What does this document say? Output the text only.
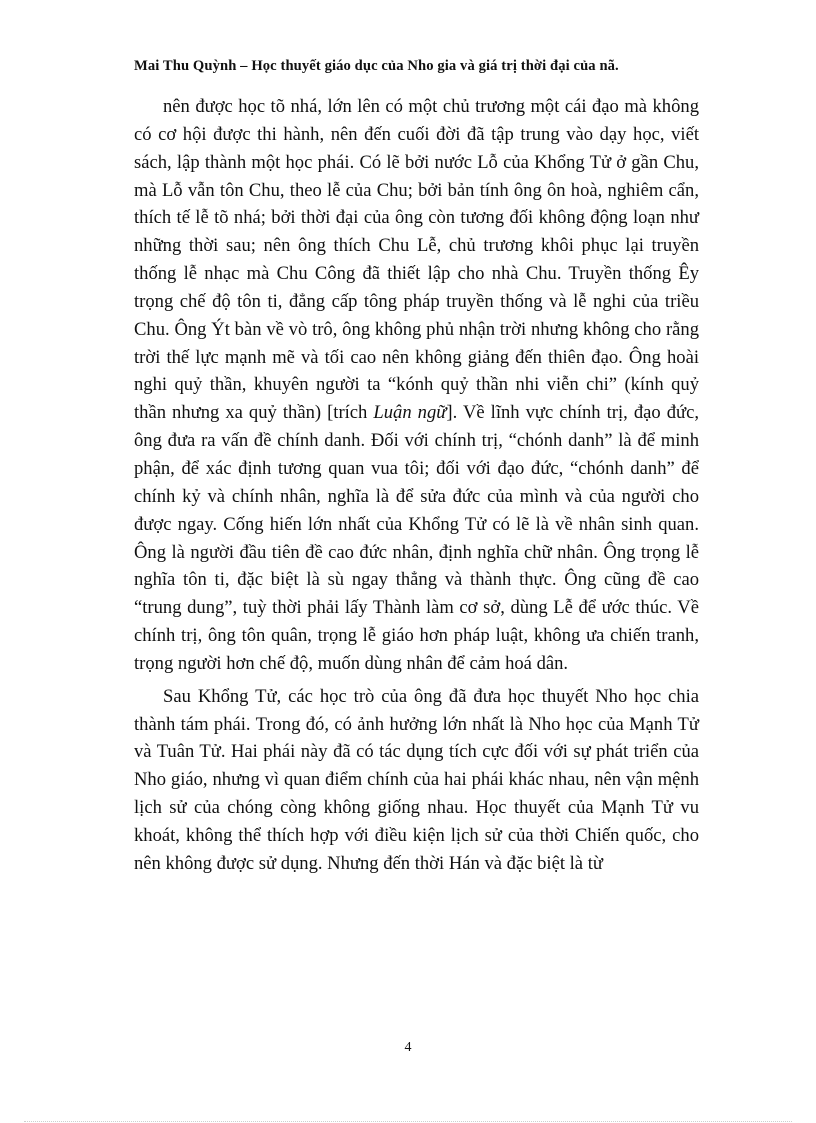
Mai Thu Quỳnh – Học thuyết giáo dục của Nho gia và giá trị thời đại của nã.

nên được học tõ nhá, lớn lên có một chủ trương một cái đạo mà không có cơ hội được thi hành, nên đến cuối đời đã tập trung vào dạy học, viết sách, lập thành một học phái. Có lẽ bởi nước Lỗ của Khổng Tử ở gần Chu, mà Lỗ vẫn tôn Chu, theo lễ của Chu; bởi bản tính ông ôn hoà, nghiêm cẩn, thích tế lễ tõ nhá; bởi thời đại của ông còn tương đối không động loạn như những thời sau; nên ông thích Chu Lễ, chủ trương khôi phục lại truyền thống lễ nhạc mà Chu Công đã thiết lập cho nhà Chu. Truyền thống Êy trọng chế độ tôn ti, đẳng cấp tông pháp truyền thống và lễ nghi của triều Chu. Ông Ýt bàn về vò trô, ông không phủ nhận trời nhưng không cho rằng trời thế lực mạnh mẽ và tối cao nên không giảng đến thiên đạo. Ông hoài nghi quỷ thần, khuyên người ta “kónh quỷ thần nhi viễn chi” (kính quỷ thần nhưng xa quỷ thần) [trích Luận ngữ]. Về lĩnh vực chính trị, đạo đức, ông đưa ra vấn đề chính danh. Đối với chính trị, “chónh danh” là để minh phận, để xác định tương quan vua tôi; đối với đạo đức, “chónh danh” để chính kỷ và chính nhân, nghĩa là để sửa đức của mình và của người cho được ngay. Cống hiến lớn nhất của Khổng Tử có lẽ là về nhân sinh quan. Ông là người đầu tiên đề cao đức nhân, định nghĩa chữ nhân. Ông trọng lễ nghĩa tôn ti, đặc biệt là sù ngay thẳng và thành thực. Ông cũng đề cao “trung dung”, tuỳ thời phải lấy Thành làm cơ sở, dùng Lễ để ước thúc. Về chính trị, ông tôn quân, trọng lễ giáo hơn pháp luật, không ưa chiến tranh, trọng người hơn chế độ, muốn dùng nhân để cảm hoá dân.

Sau Khổng Tử, các học trò của ông đã đưa học thuyết Nho học chia thành tám phái. Trong đó, có ảnh hưởng lớn nhất là Nho học của Mạnh Tử và Tuân Tử. Hai phái này đã có tác dụng tích cực đối với sự phát triển của Nho giáo, nhưng vì quan điểm chính của hai phái khác nhau, nên vận mệnh lịch sử của chóng còng không giống nhau. Học thuyết của Mạnh Tử vu khoát, không thể thích hợp với điều kiện lịch sử của thời Chiến quốc, cho nên không được sử dụng. Nhưng đến thời Hán và đặc biệt là từ

4
